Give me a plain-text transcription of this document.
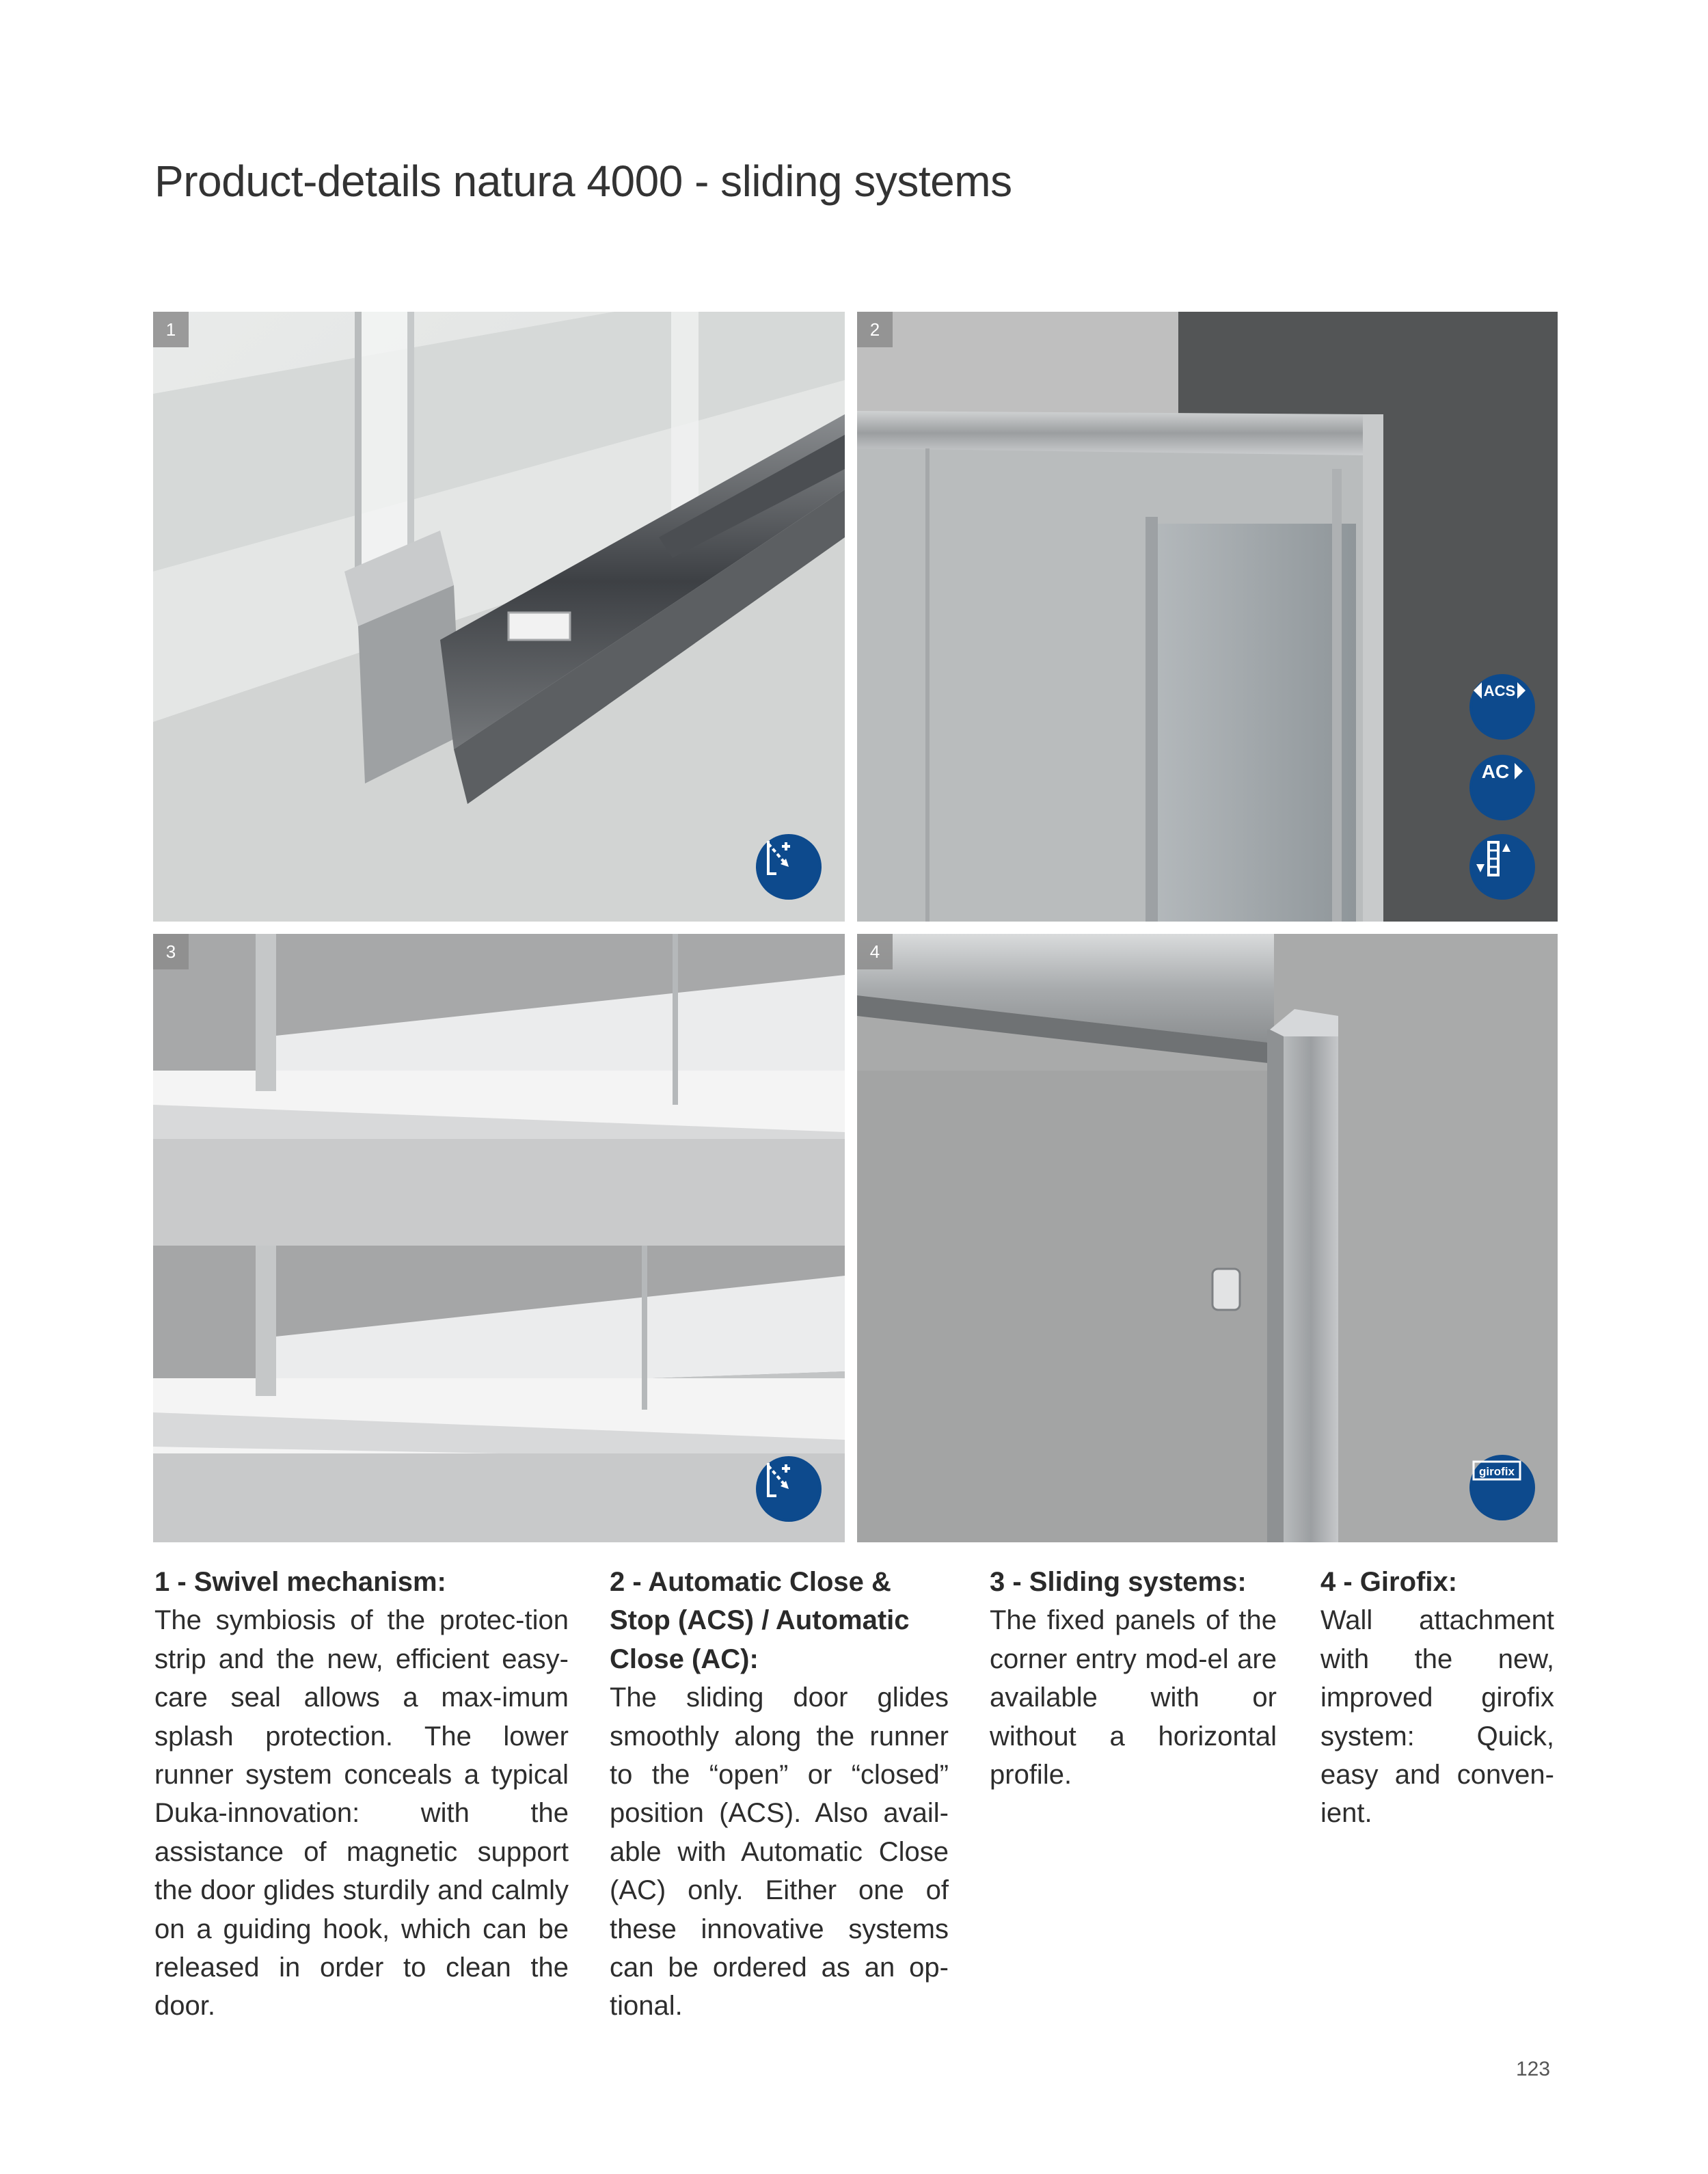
Product-details natura 4000 - sliding systems
1	2
ACS
AC
3	4
girofix

1 - Swivel mechanism:

The symbiosis of the protec-tion strip and the new, efficient easy-care seal allows a max-imum splash protection. The lower runner system conceals a typical Duka-innovation: with the assistance of magnetic support the door glides sturdily and calmly on a guiding hook, which can be released in order to clean the door.

2 - Automatic Close & Stop (ACS) / Automatic Close (AC):

The sliding door glides smoothly along the runner to the “open” or “closed” position (ACS). Also avail-able with Automatic Close (AC) only. Either one of these innovative systems can be ordered as an op-tional.

3 - Sliding systems:

The fixed panels of the corner entry mod-el are available with or without a horizontal profile.

4 - Girofix:

Wall attachment with the new, improved girofix system: Quick, easy and conven-ient.

123
